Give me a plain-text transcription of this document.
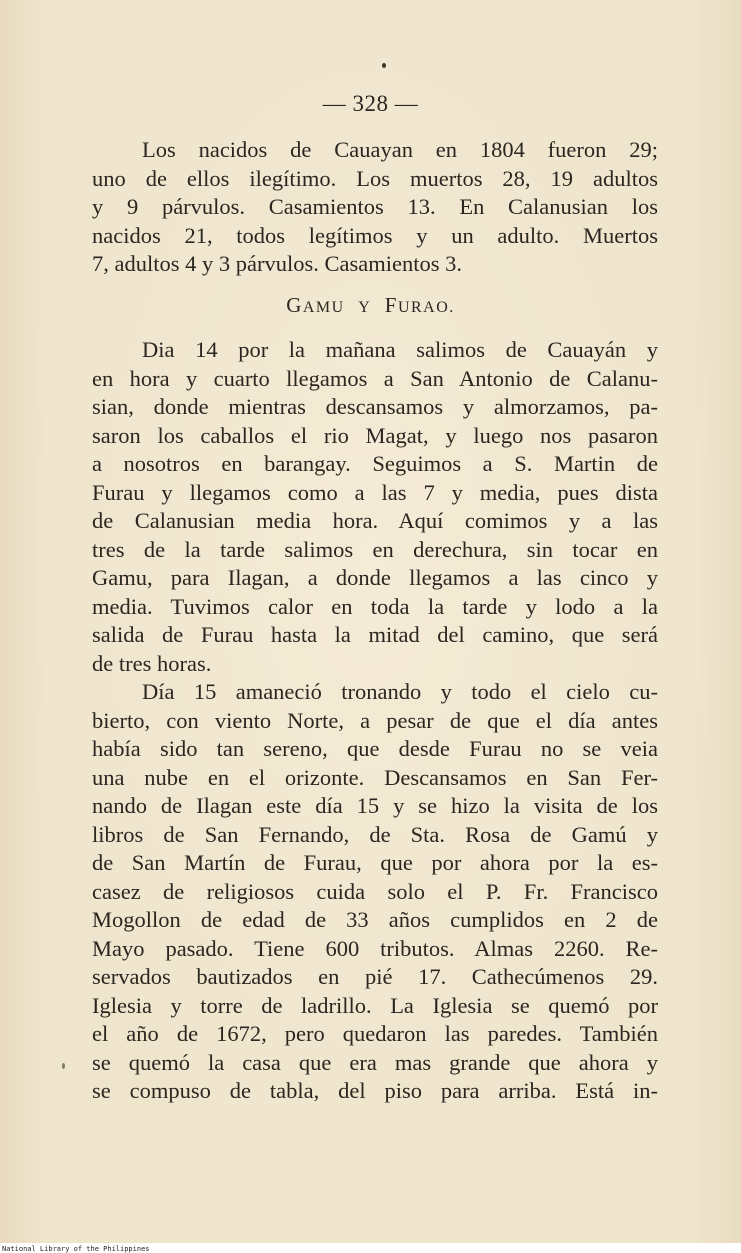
— 328 —
Los nacidos de Cauayan en 1804 fueron 29;
uno de ellos ilegítimo. Los muertos 28, 19 adultos
y 9 párvulos. Casamientos 13. En Calanusian los
nacidos 21, todos legítimos y un adulto. Muertos
7, adultos 4 y 3 párvulos. Casamientos 3.
GAMU Y FURAO.
Dia 14 por la mañana salimos de Cauayán y
en hora y cuarto llegamos a San Antonio de Calanu-
sian, donde mientras descansamos y almorzamos, pa-
saron los caballos el rio Magat, y luego nos pasaron
a nosotros en barangay. Seguimos a S. Martin de
Furau y llegamos como a las 7 y media, pues dista
de Calanusian media hora. Aquí comimos y a las
tres de la tarde salimos en derechura, sin tocar en
Gamu, para Ilagan, a donde llegamos a las cinco y
media. Tuvimos calor en toda la tarde y lodo a la
salida de Furau hasta la mitad del camino, que será
de tres horas.
Día 15 amaneció tronando y todo el cielo cu-
bierto, con viento Norte, a pesar de que el día antes
había sido tan sereno, que desde Furau no se veia
una nube en el orizonte. Descansamos en San Fer-
nando de Ilagan este día 15 y se hizo la visita de los
libros de San Fernando, de Sta. Rosa de Gamú y
de San Martín de Furau, que por ahora por la es-
casez de religiosos cuida solo el P. Fr. Francisco
Mogollon de edad de 33 años cumplidos en 2 de
Mayo pasado. Tiene 600 tributos. Almas 2260. Re-
servados bautizados en pié 17. Cathecúmenos 29.
Iglesia y torre de ladrillo. La Iglesia se quemó por
el año de 1672, pero quedaron las paredes. También
se quemó la casa que era mas grande que ahora y
se compuso de tabla, del piso para arriba. Está in-
National Library of the Philippines
